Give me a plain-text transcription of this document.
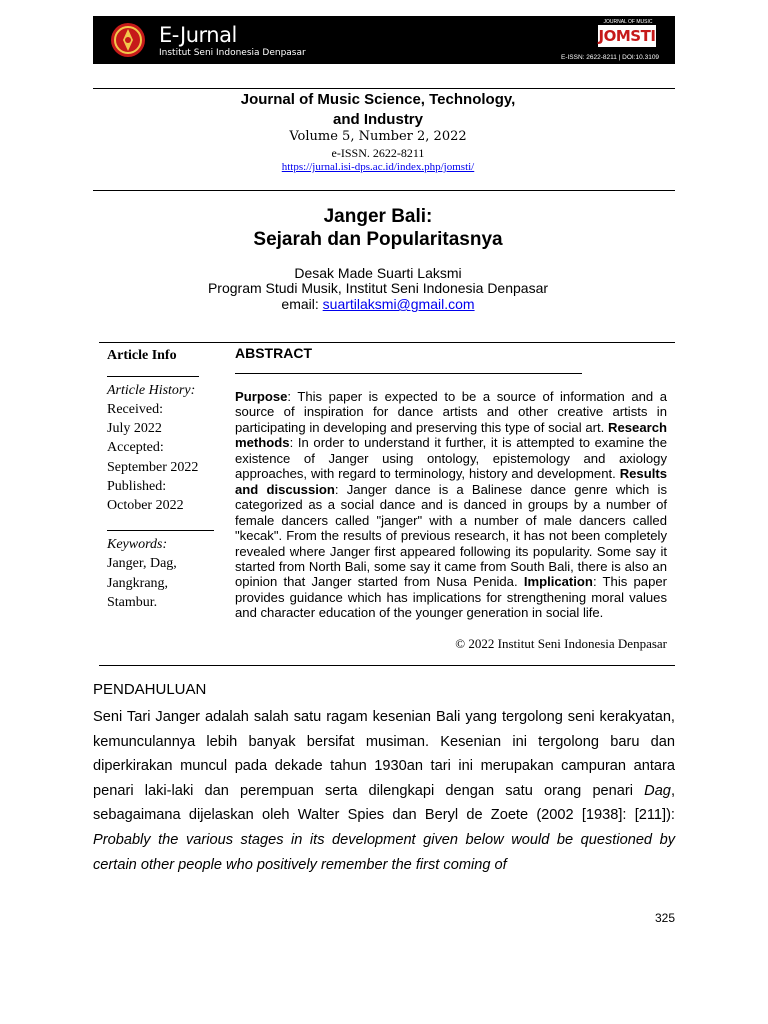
E-Jurnal
Institut Seni Indonesia Denpasar
JOURNAL OF MUSIC
JOMSTI
E-ISSN: 2622-8211 | DOI:10.3109
Journal of Music Science, Technology,
and Industry
Volume 5, Number 2, 2022
e-ISSN. 2622-8211
https://jurnal.isi-dps.ac.id/index.php/jomsti/
Janger Bali:
Sejarah dan Popularitasnya
Desak Made Suarti Laksmi
Program Studi Musik, Institut Seni Indonesia Denpasar
email: suartilaksmi@gmail.com
Article Info
Article History:
Received:
July 2022
Accepted:
September 2022
Published:
October 2022
Keywords:
Janger, Dag,
Jangkrang,
Stambur.
ABSTRACT
Purpose: This paper is expected to be a source of information and a source of inspiration for dance artists and other creative artists in participating in developing and preserving this type of social art. Research methods: In order to understand it further, it is attempted to examine the existence of Janger using ontology, epistemology and axiology approaches, with regard to terminology, history and development. Results and discussion: Janger dance is a Balinese dance genre which is categorized as a social dance and is danced in groups by a number of female dancers called "janger" with a number of male dancers called "kecak". From the results of previous research, it has not been completely revealed where Janger first appeared following its popularity. Some say it started from North Bali, some say it came from South Bali, there is also an opinion that Janger started from Nusa Penida. Implication: This paper provides guidance which has implications for strengthening moral values and character education of the younger generation in social life.
© 2022 Institut Seni Indonesia Denpasar
PENDAHULUAN
Seni Tari Janger adalah salah satu ragam kesenian Bali yang tergolong seni kerakyatan, kemunculannya lebih banyak bersifat musiman. Kesenian ini tergolong baru dan diperkirakan muncul pada dekade tahun 1930an tari ini merupakan campuran antara penari laki-laki dan perempuan serta dilengkapi dengan satu orang penari Dag, sebagaimana dijelaskan oleh Walter Spies dan Beryl de Zoete (2002 [1938]: [211]): Probably the various stages in its development given below would be questioned by certain other people who positively remember the first coming of
325
